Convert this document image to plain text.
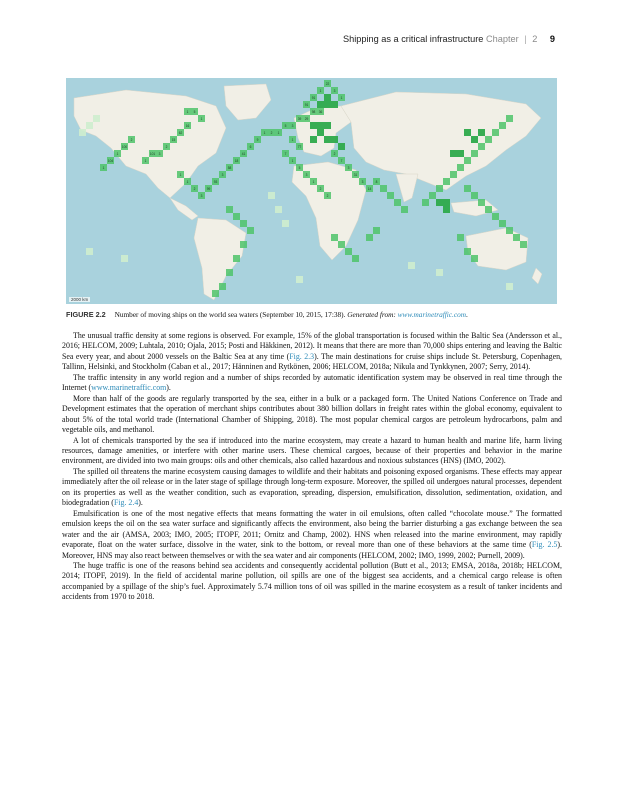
Shipping as a critical infrastructure Chapter | 2 9
1 5
1
16
62
15
2
3
101
1
2
100
1
104
1
1
1
2
3
99
93
3
58
18
41
6
9
1 2 1
5 3
39 29
98 36
91
91
1
22
3
1
1
77
7
1
5
3
1
2
2
2
7
3
31
3
14
8
2000 km
FIGURE 2.2 Number of moving ships on the world sea waters (September 10, 2015, 17:38). Generated from: www.marinetraffic.com.

The unusual traffic density at some regions is observed. For example, 15% of the global transportation is focused within the Baltic Sea (Andersson et al., 2016; HELCOM, 2009; Luhtala, 2010; Ojala, 2015; Posti and Häkkinen, 2012). It means that there are more than 70,000 ships entering and leaving the Baltic Sea every year, and about 2000 vessels on the Baltic Sea at any time (Fig. 2.3). The main destinations for cruise ships include St. Petersburg, Copenhagen, Tallinn, Helsinki, and Stockholm (Caban et al., 2017; Hänninen and Rytkönen, 2006; HELCOM, 2018a; Nikula and Tynkkynen, 2007; Serry, 2014).

The traffic intensity in any world region and a number of ships recorded by automatic identification system may be observed in real time through the Internet (www.marinetraffic.com).

More than half of the goods are regularly transported by the sea, either in a bulk or a packaged form. The United Nations Conference on Trade and Development estimates that the operation of merchant ships contributes about 380 billion dollars in freight rates within the global economy, equivalent to about 5% of the total world trade (International Chamber of Shipping, 2018). The most popular chemical cargos are petroleum hydrocarbons, palm and vegetable oils, and methanol.

A lot of chemicals transported by the sea if introduced into the marine ecosystem, may create a hazard to human health and marine life, harm living resources, damage amenities, or interfere with other marine users. These chemical cargoes, because of their properties and behavior in the marine environment, are divided into two main groups: oils and other chemicals, also called hazardous and noxious substances (HNS) (IMO, 2002).

The spilled oil threatens the marine ecosystem causing damages to wildlife and their habitats and poisoning exposed organisms. These effects may appear immediately after the oil release or in the later stage of spillage through long-term exposure. Moreover, the spilled oil undergoes natural processes, dependent on its properties as well as the weather condition, such as evaporation, spreading, dispersion, emulsification, dissolution, sedimentation, oxidation, and biodegradation (Fig. 2.4).

Emulsification is one of the most negative effects that means formatting the water in oil emulsions, often called “chocolate mouse.” The formatted emulsion keeps the oil on the sea water surface and significantly affects the environment, also being the barrier disturbing a gas exchange between the sea water and the air (AMSA, 2003; IMO, 2005; ITOPF, 2011; Ornitz and Champ, 2002). HNS when released into the marine environment, may rapidly evaporate, float on the water surface, dissolve in the water, sink to the bottom, or reveal more than one of these behaviors at the same time (Fig. 2.5). Moreover, HNS may also react between themselves or with the sea water and air components (HELCOM, 2002; IMO, 1999, 2002; Purnell, 2009).

The huge traffic is one of the reasons behind sea accidents and consequently accidental pollution (Butt et al., 2013; EMSA, 2018a, 2018b; HELCOM, 2014; ITOPF, 2019). In the field of accidental marine pollution, oil spills are one of the biggest sea accidents, and a chemical cargo release is often accompanied by a spillage of the ship’s fuel. Approximately 5.74 million tons of oil was spilled in the marine ecosystem as a result of tanker incidents and accidents from 1970 to 2018.
